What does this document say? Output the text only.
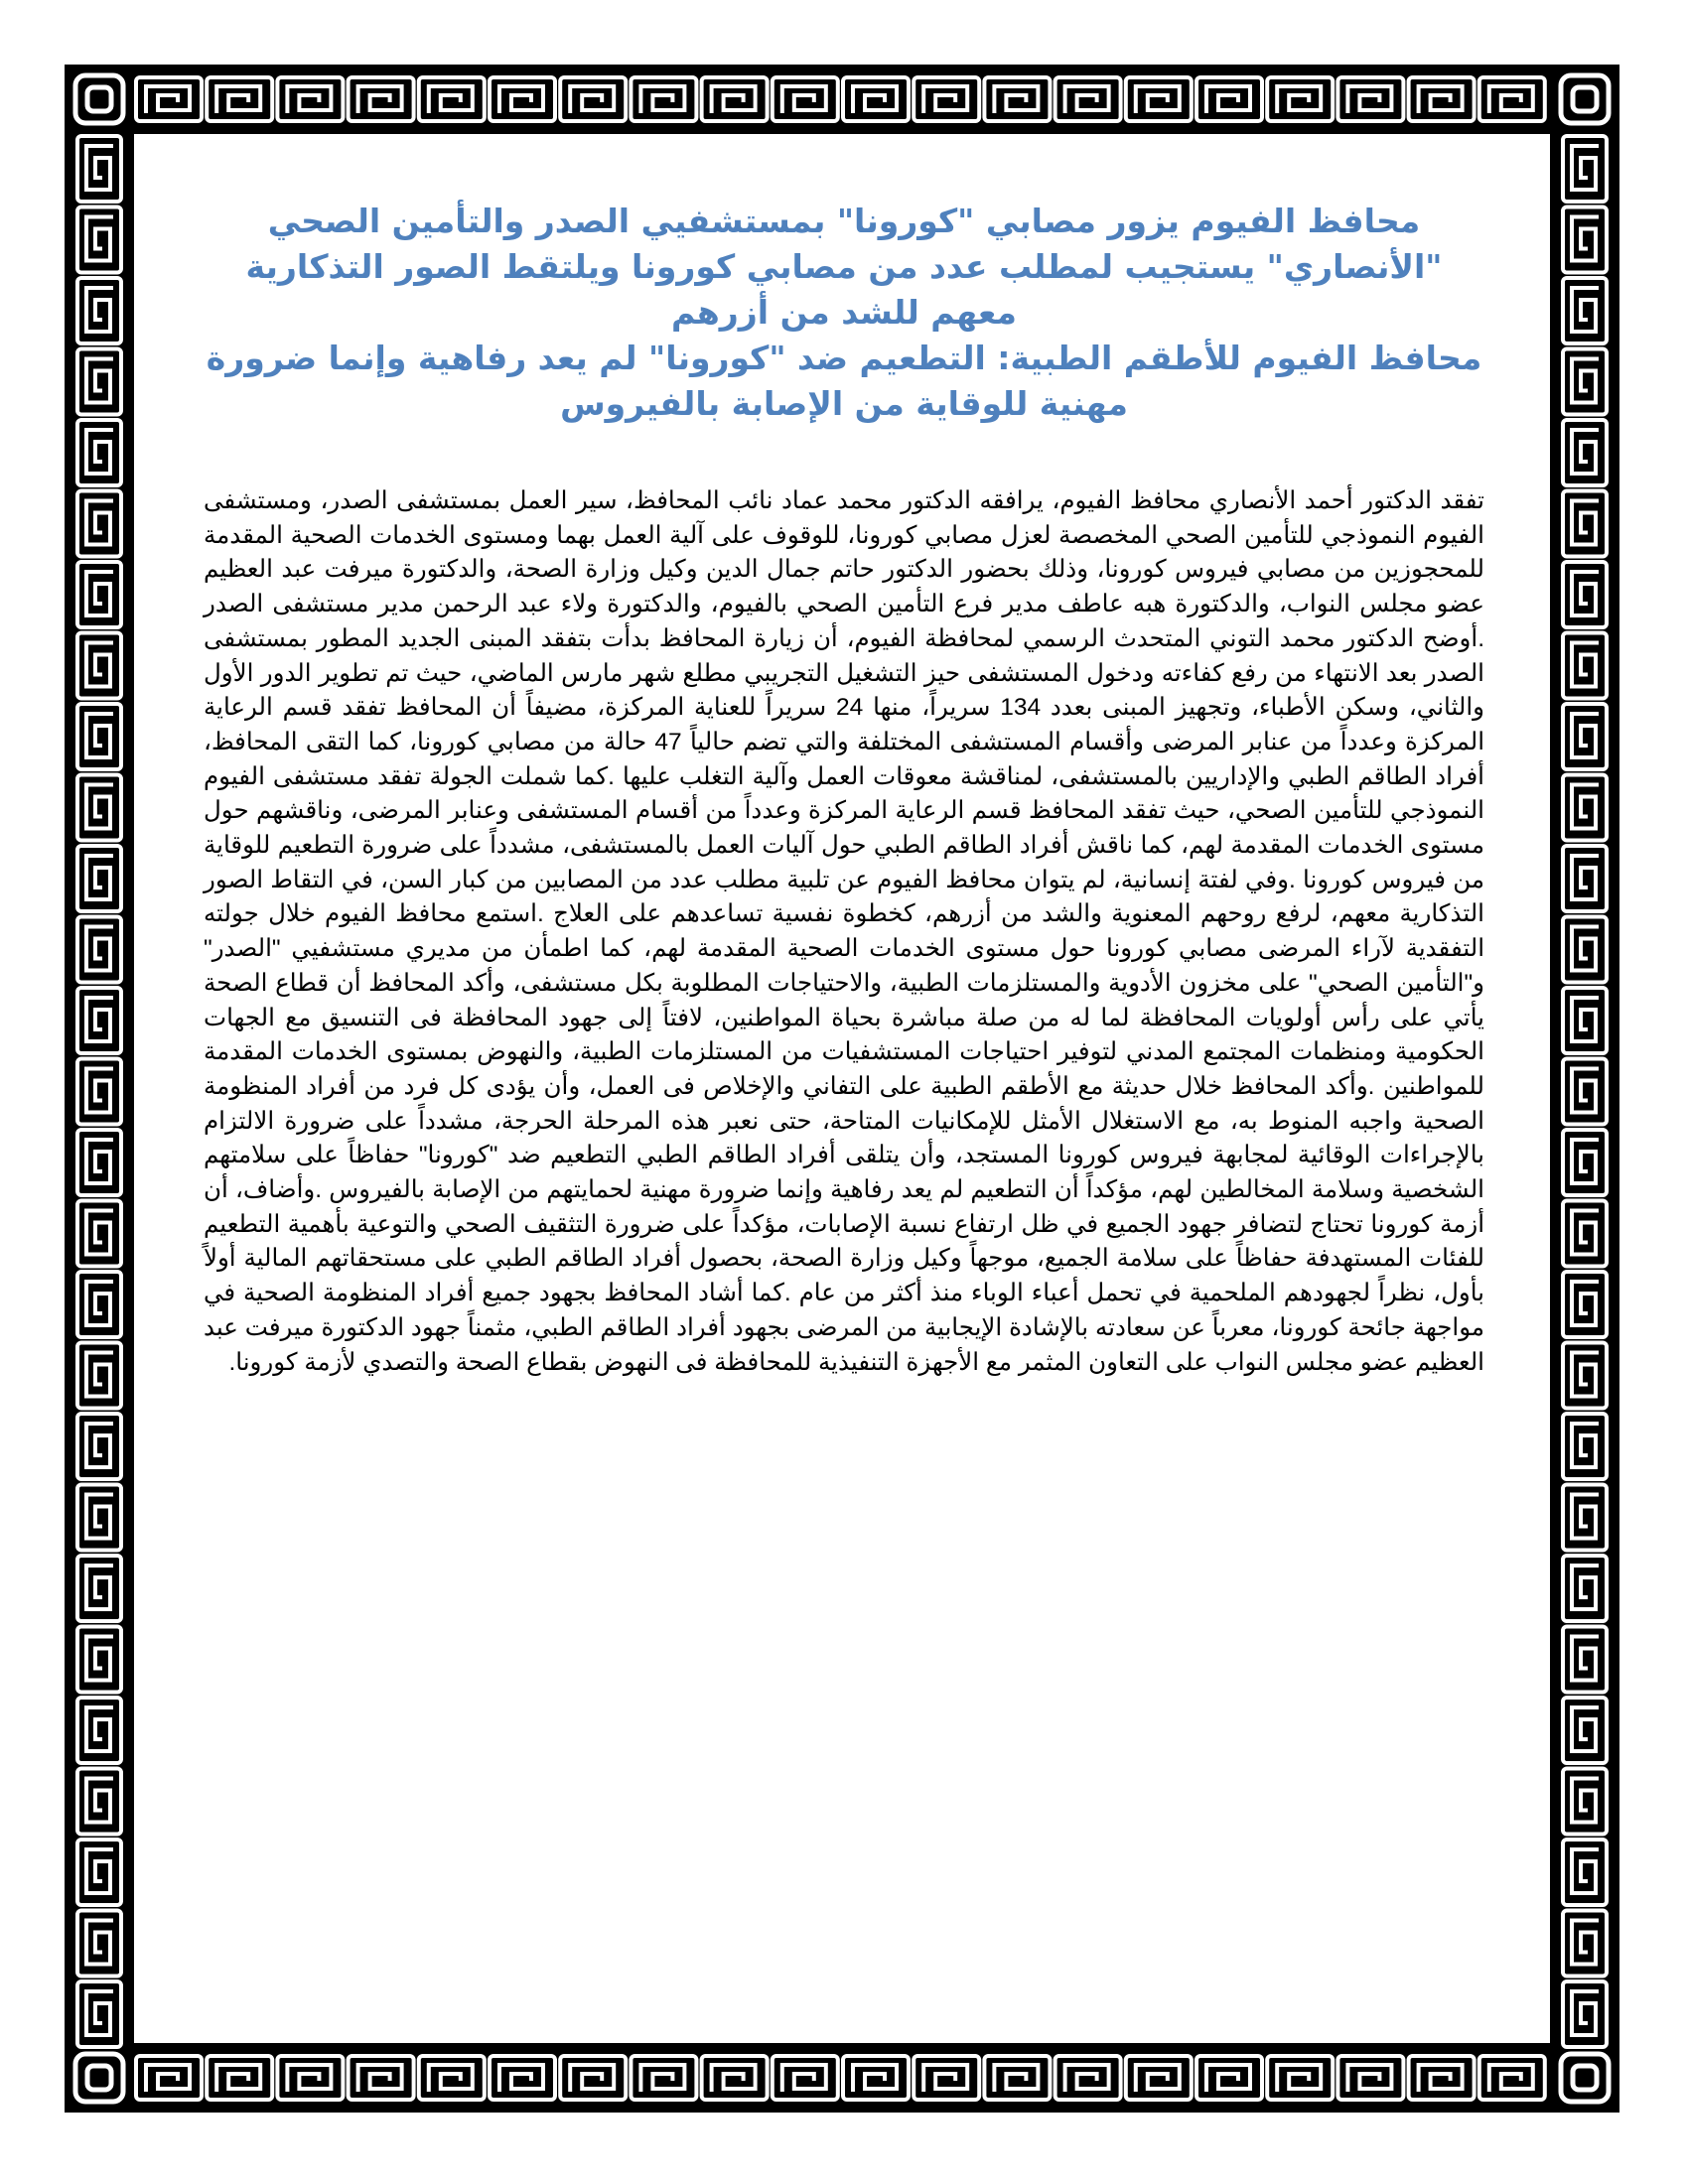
محافظ الفيوم يزور مصابي "كورونا" بمستشفيي الصدر والتأمين الصحي
"الأنصاري" يستجيب لمطلب عدد من مصابي كورونا ويلتقط الصور التذكارية
معهم للشد من أزرهم
محافظ الفيوم للأطقم الطبية: التطعيم ضد "كورونا" لم يعد رفاهية وإنما ضرورة
مهنية للوقاية من الإصابة بالفيروس
تفقد الدكتور أحمد الأنصاري محافظ الفيوم، يرافقه الدكتور محمد عماد نائب المحافظ، سير العمل بمستشفى الصدر، ومستشفى الفيوم النموذجي للتأمين الصحي المخصصة لعزل مصابي كورونا، للوقوف على آلية العمل بهما ومستوى الخدمات الصحية المقدمة للمحجوزين من مصابي فيروس كورونا، وذلك بحضور الدكتور حاتم جمال الدين وكيل وزارة الصحة، والدكتورة ميرفت عبد العظيم عضو مجلس النواب، والدكتورة هبه عاطف مدير فرع التأمين الصحي بالفيوم، والدكتورة ولاء عبد الرحمن مدير مستشفى الصدر .أوضح الدكتور محمد التوني المتحدث الرسمي لمحافظة الفيوم، أن زيارة المحافظ بدأت بتفقد المبنى الجديد المطور بمستشفى الصدر بعد الانتهاء من رفع كفاءته ودخول المستشفى حيز التشغيل التجريبي مطلع شهر مارس الماضي، حيث تم تطوير الدور الأول والثاني، وسكن الأطباء، وتجهيز المبنى بعدد 134 سريراً، منها 24 سريراً للعناية المركزة، مضيفاً أن المحافظ تفقد قسم الرعاية المركزة وعدداً من عنابر المرضى وأقسام المستشفى المختلفة والتي تضم حالياً 47 حالة من مصابي كورونا، كما التقى المحافظ، أفراد الطاقم الطبي والإداريين بالمستشفى، لمناقشة معوقات العمل وآلية التغلب عليها .كما شملت الجولة تفقد مستشفى الفيوم النموذجي للتأمين الصحي، حيث تفقد المحافظ قسم الرعاية المركزة وعدداً من أقسام المستشفى وعنابر المرضى، وناقشهم حول مستوى الخدمات المقدمة لهم، كما ناقش أفراد الطاقم الطبي حول آليات العمل بالمستشفى، مشدداً على ضرورة التطعيم للوقاية من فيروس كورونا .وفي لفتة إنسانية، لم يتوان محافظ الفيوم عن تلبية مطلب عدد من المصابين من كبار السن، في التقاط الصور التذكارية معهم، لرفع روحهم المعنوية والشد من أزرهم، كخطوة نفسية تساعدهم على العلاج .استمع محافظ الفيوم خلال جولته التفقدية لآراء المرضى مصابي كورونا حول مستوى الخدمات الصحية المقدمة لهم، كما اطمأن من مديري مستشفيي "الصدر" و"التأمين الصحي" على مخزون الأدوية والمستلزمات الطبية، والاحتياجات المطلوبة بكل مستشفى، وأكد المحافظ أن قطاع الصحة يأتي على رأس أولويات المحافظة لما له من صلة مباشرة بحياة المواطنين، لافتاً إلى جهود المحافظة فى التنسيق مع الجهات الحكومية ومنظمات المجتمع المدني لتوفير احتياجات المستشفيات من المستلزمات الطبية، والنهوض بمستوى الخدمات المقدمة للمواطنين .وأكد المحافظ خلال حديثة مع الأطقم الطبية على التفاني والإخلاص فى العمل، وأن يؤدى كل فرد من أفراد المنظومة الصحية واجبه المنوط به، مع الاستغلال الأمثل للإمكانيات المتاحة، حتى نعبر هذه المرحلة الحرجة، مشدداً على ضرورة الالتزام بالإجراءات الوقائية لمجابهة فيروس كورونا المستجد، وأن يتلقى أفراد الطاقم الطبي التطعيم ضد "كورونا" حفاظاً على سلامتهم الشخصية وسلامة المخالطين لهم، مؤكداً أن التطعيم لم يعد رفاهية وإنما ضرورة مهنية لحمايتهم من الإصابة بالفيروس .وأضاف، أن أزمة كورونا تحتاج لتضافر جهود الجميع في ظل ارتفاع نسبة الإصابات، مؤكداً على ضرورة التثقيف الصحي والتوعية بأهمية التطعيم للفئات المستهدفة حفاظاً على سلامة الجميع، موجهاً وكيل وزارة الصحة، بحصول أفراد الطاقم الطبي على مستحقاتهم المالية أولاً بأول، نظراً لجهودهم الملحمية في تحمل أعباء الوباء منذ أكثر من عام .كما أشاد المحافظ بجهود جميع أفراد المنظومة الصحية في مواجهة جائحة كورونا، معرباً عن سعادته بالإشادة الإيجابية من المرضى بجهود أفراد الطاقم الطبي، مثمناً جهود الدكتورة ميرفت عبد العظيم عضو مجلس النواب على التعاون المثمر مع الأجهزة التنفيذية للمحافظة فى النهوض بقطاع الصحة والتصدي لأزمة كورونا.
